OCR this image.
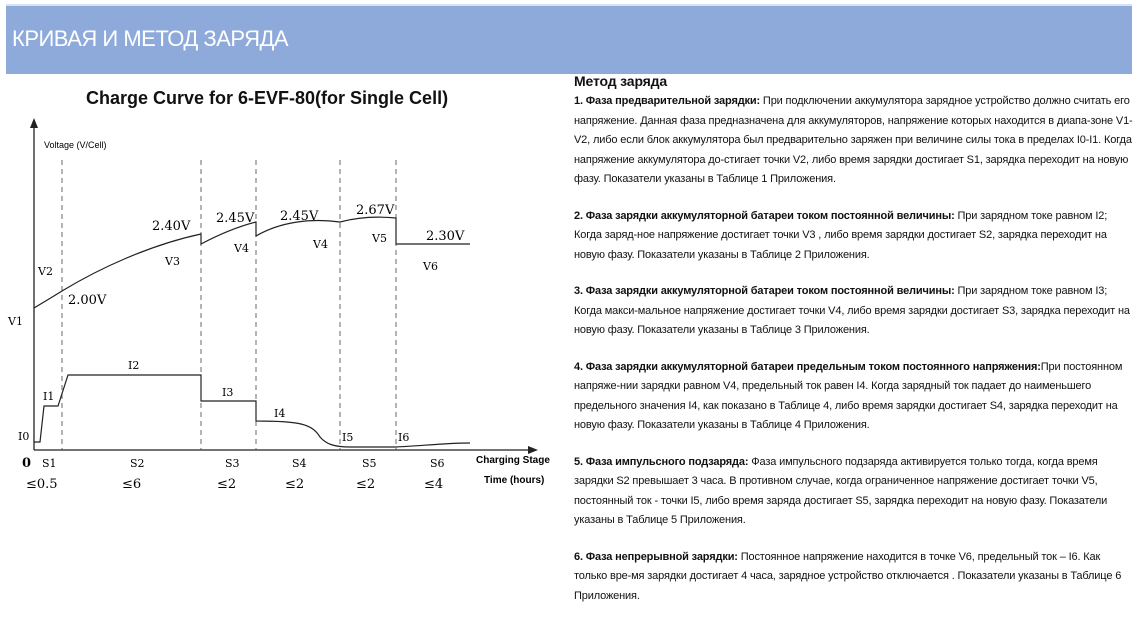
КРИВАЯ И МЕТОД ЗАРЯДА
Charge Curve for 6-EVF-80(for Single Cell)
Voltage (V/Cell)
Charging Stage
Time (hours)
0
V1
V2
V3
V4	V4	V5
V6
2.00V
2.40V
2.45V 2.45V	2.67V
2.30V
I0
I1
I2
I3
I4
I5	I6
S1	S2	S3	S4	S5	S6
≤0.5	≤6	≤2	≤2	≤2	≤4

Метод заряда

1. Фаза предварительной зарядки: При подключении аккумулятора зарядное устройство должно считать его напряжение. Данная фаза предназначена для аккумуляторов, напряжение которых находится в диапа-зоне V1-V2, либо если блок аккумулятора был предварительно заряжен при величине силы тока в пределах I0-I1. Когда напряжение аккумулятора до-стигает точки V2, либо время зарядки достигает S1, зарядка переходит на новую фазу. Показатели указаны в Таблице 1 Приложения.

2. Фаза зарядки аккумуляторной батареи током постоянной величины: При зарядном токе равном I2; Когда заряд-ное напряжение достигает точки V3 , либо время зарядки достигает S2, зарядка переходит на новую фазу. Показатели указаны в Таблице 2 Приложения.

3. Фаза зарядки аккумуляторной батареи током постоянной величины: При зарядном токе равном I3; Когда макси-мальное напряжение достигает точки V4, либо время зарядки достигает S3, зарядка переходит на новую фазу. Показатели указаны в Таблице 3 Приложения.

4. Фаза зарядки аккумуляторной батареи предельным током постоянного напряжения:При постоянном напряже-нии зарядки равном V4, предельный ток равен I4. Когда зарядный ток падает до наименьшего предельного значения I4, как показано в Таблице 4, либо время зарядки достигает S4, зарядка переходит на новую фазу. Показатели указаны в Таблице 4 Приложения.

5. Фаза импульсного подзаряда: Фаза импульсного подзаряда активируется только тогда, когда время зарядки S2 превышает 3 часа. В противном случае, когда ограниченное напряжение достигает точки V5, постоянный ток - точки I5, либо время заряда достигает S5, зарядка переходит на новую фазу. Показатели указаны в Таблице 5 Приложения.

6. Фаза непрерывной зарядки: Постоянное напряжение находится в точке V6, предельный ток – I6. Как только вре-мя зарядки достигает 4 часа, зарядное устройство отключается . Показатели указаны в Таблице 6 Приложения.
